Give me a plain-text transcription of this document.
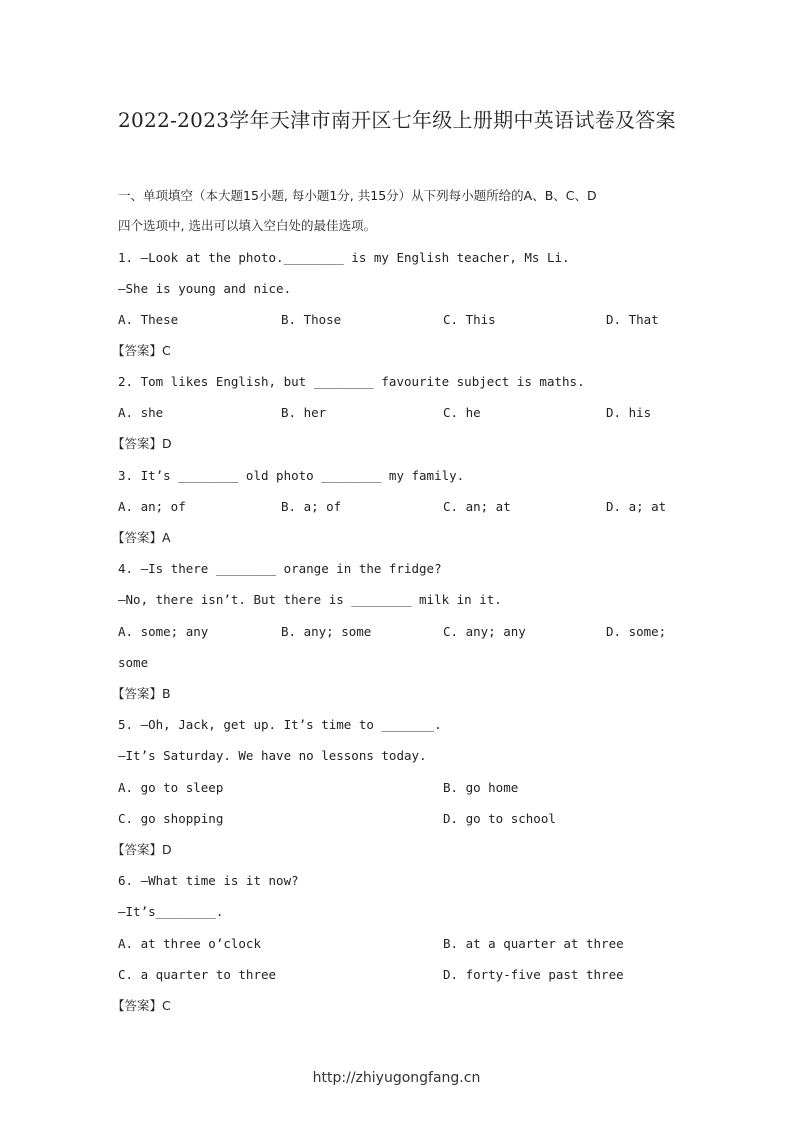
2022-2023学年天津市南开区七年级上册期中英语试卷及答案
一、单项填空（本大题15小题, 每小题1分, 共15分）从下列每小题所给的A、B、C、D
四个选项中, 选出可以填入空白处的最佳选项。
1. —Look at the photo.________ is my English teacher, Ms Li.
—She is young and nice.
A. These	B. Those	C. This	D. That
【答案】C
2. Tom likes English, but ________ favourite subject is maths.
A. she	B. her	C. he	D. his
【答案】D
3. It’s ________ old photo ________ my family.
A. an; of	B. a; of	C. an; at	D. a; at
【答案】A
4. —Is there ________ orange in the fridge?
—No, there isn’t. But there is ________ milk in it.
A. some; any	B. any; some	C. any; any	D. some;
some
【答案】B
5. —Oh, Jack, get up. It’s time to _______.
—It’s Saturday. We have no lessons today.
A. go to sleep	B. go home
C. go shopping	D. go to school
【答案】D
6. —What time is it now?
—It’s________.
A. at three o’clock	B. at a quarter at three
C. a quarter to three	D. forty-five past three
【答案】C
http://zhiyugongfang.cn
